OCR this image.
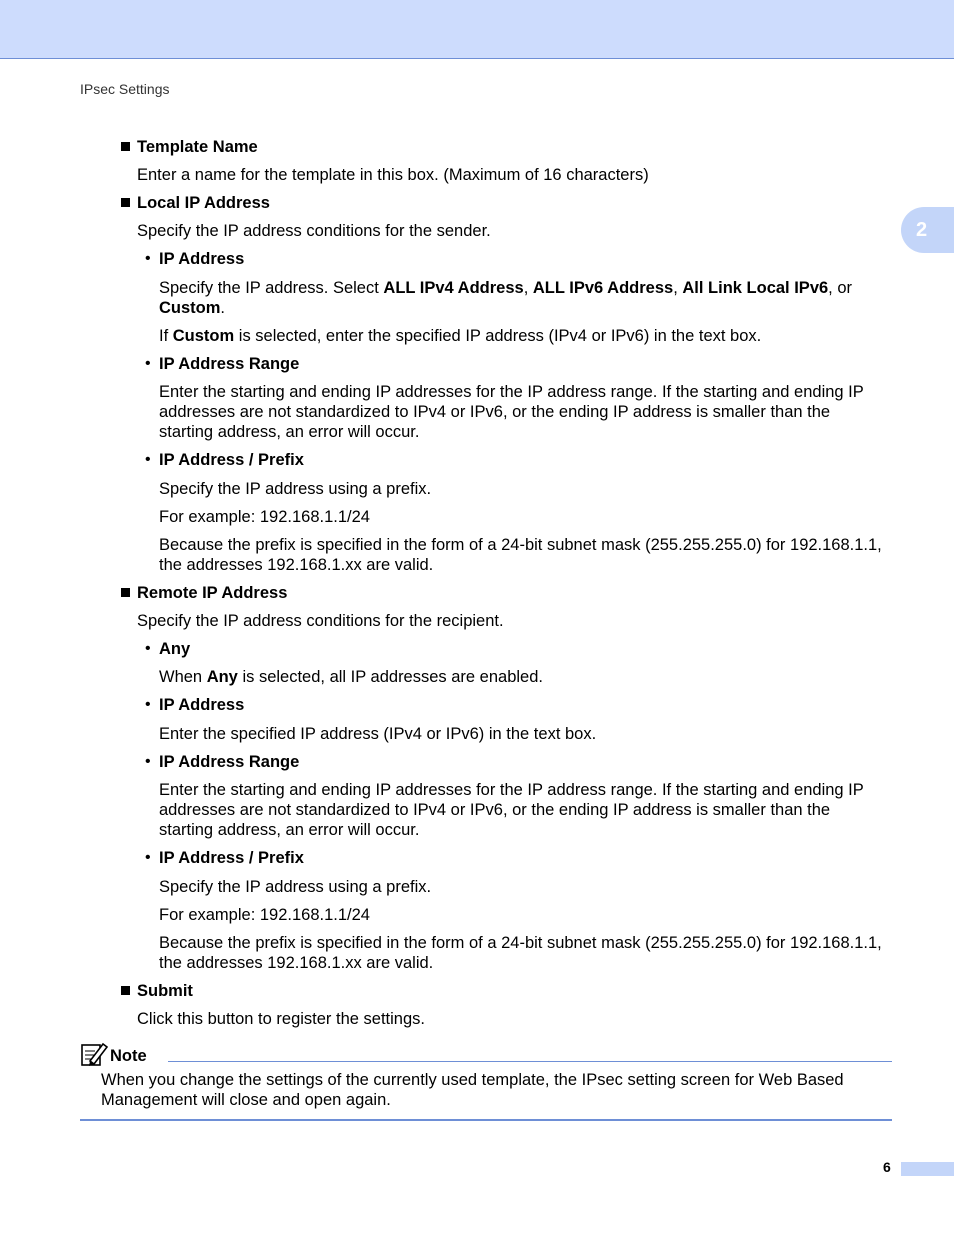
IPsec Settings
2
Template Name
Enter a name for the template in this box. (Maximum of 16 characters)
Local IP Address
Specify the IP address conditions for the sender.
• IP Address
Specify the IP address. Select ALL IPv4 Address, ALL IPv6 Address, All Link Local IPv6, or
Custom.
If Custom is selected, enter the specified IP address (IPv4 or IPv6) in the text box.
• IP Address Range
Enter the starting and ending IP addresses for the IP address range. If the starting and ending IP
addresses are not standardized to IPv4 or IPv6, or the ending IP address is smaller than the
starting address, an error will occur.
• IP Address / Prefix
Specify the IP address using a prefix.
For example: 192.168.1.1/24
Because the prefix is specified in the form of a 24-bit subnet mask (255.255.255.0) for 192.168.1.1,
the addresses 192.168.1.xx are valid.
Remote IP Address
Specify the IP address conditions for the recipient.
• Any
When Any is selected, all IP addresses are enabled.
• IP Address
Enter the specified IP address (IPv4 or IPv6) in the text box.
• IP Address Range
Enter the starting and ending IP addresses for the IP address range. If the starting and ending IP
addresses are not standardized to IPv4 or IPv6, or the ending IP address is smaller than the
starting address, an error will occur.
• IP Address / Prefix
Specify the IP address using a prefix.
For example: 192.168.1.1/24
Because the prefix is specified in the form of a 24-bit subnet mask (255.255.255.0) for 192.168.1.1,
the addresses 192.168.1.xx are valid.
Submit
Click this button to register the settings.
Note
When you change the settings of the currently used template, the IPsec setting screen for Web Based
Management will close and open again.
6
